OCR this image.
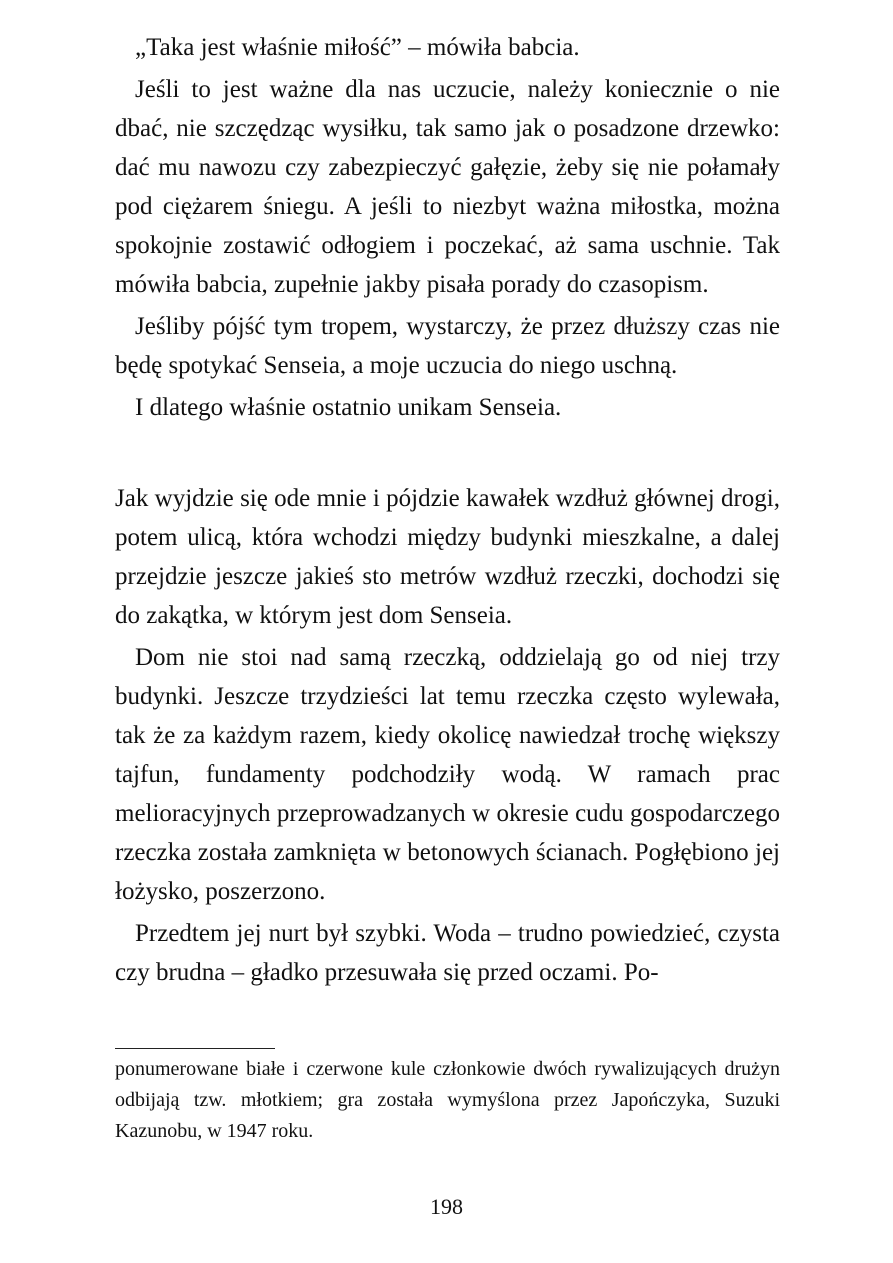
„Taka jest właśnie miłość” – mówiła babcia.

Jeśli to jest ważne dla nas uczucie, należy koniecznie o nie dbać, nie szczędząc wysiłku, tak samo jak o posadzone drzewko: dać mu nawozu czy zabezpieczyć gałęzie, żeby się nie połamały pod ciężarem śniegu. A jeśli to niezbyt ważna miłostka, można spokojnie zostawić odłogiem i poczekać, aż sama uschnie. Tak mówiła babcia, zupełnie jakby pisała porady do czasopism.

Jeśliby pójść tym tropem, wystarczy, że przez dłuższy czas nie będę spotykać Senseia, a moje uczucia do niego uschną.

I dlatego właśnie ostatnio unikam Senseia.

Jak wyjdzie się ode mnie i pójdzie kawałek wzdłuż głównej drogi, potem ulicą, która wchodzi między budynki mieszkalne, a dalej przejdzie jeszcze jakieś sto metrów wzdłuż rzeczki, dochodzi się do zakątka, w którym jest dom Senseia.

Dom nie stoi nad samą rzeczką, oddzielają go od niej trzy budynki. Jeszcze trzydzieści lat temu rzeczka często wylewała, tak że za każdym razem, kiedy okolicę nawiedzał trochę większy tajfun, fundamenty podchodziły wodą. W ramach prac melioracyjnych przeprowadzanych w okresie cudu gospodarczego rzeczka została zamknięta w betonowych ścianach. Pogłębiono jej łożysko, poszerzono.

Przedtem jej nurt był szybki. Woda – trudno powiedzieć, czysta czy brudna – gładko przesuwała się przed oczami. Po-

ponumerowane białe i czerwone kule członkowie dwóch rywalizujących drużyn odbijają tzw. młotkiem; gra została wymyślona przez Japończyka, Suzuki Kazunobu, w 1947 roku.

198
